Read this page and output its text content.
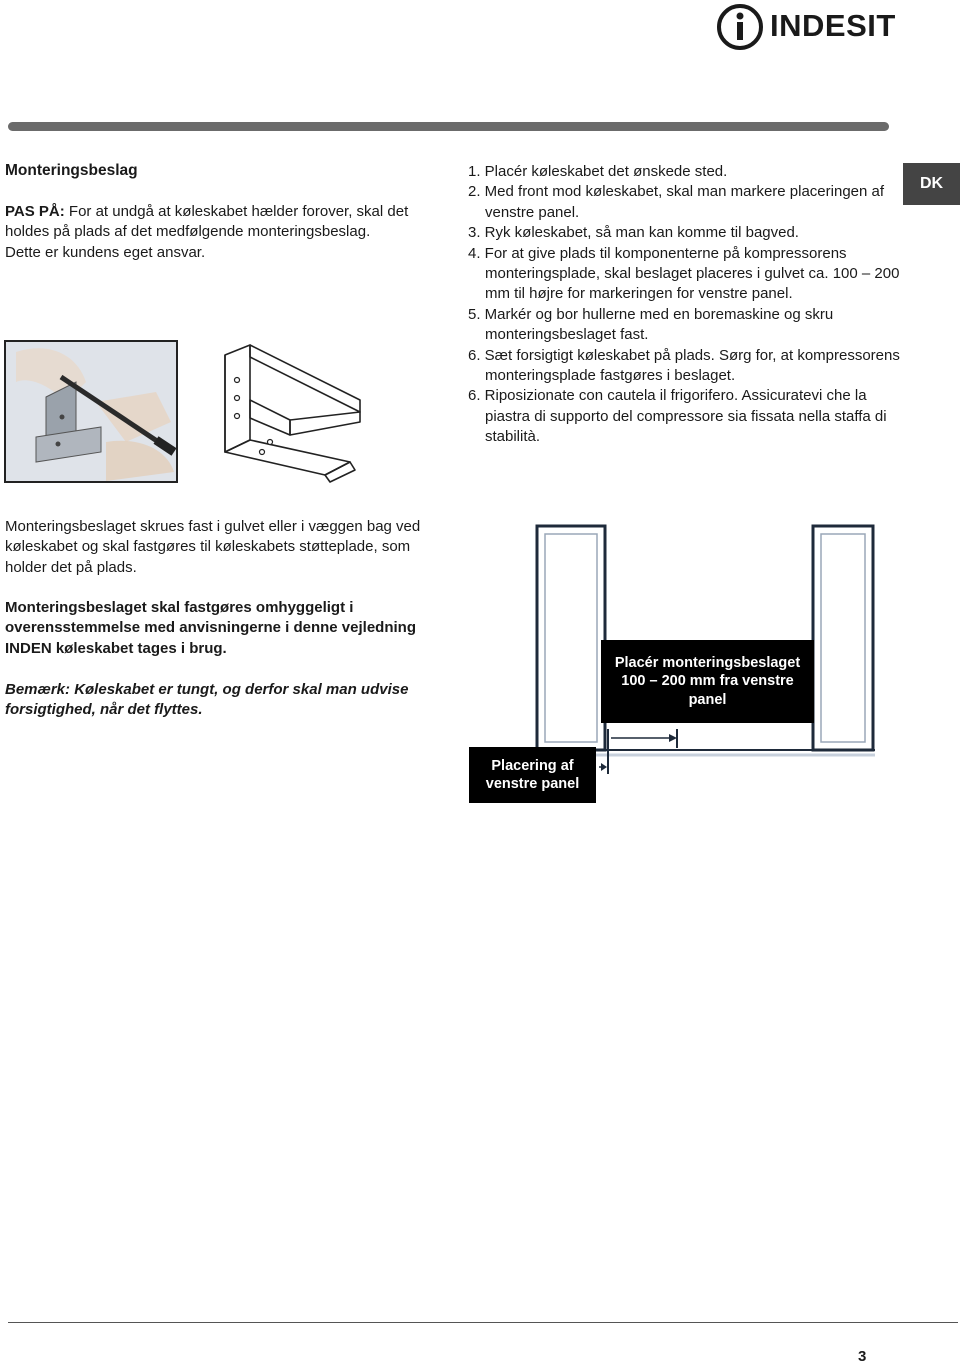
INDESIT
DK
Monteringsbeslag
PAS PÅ: For at undgå at køleskabet hælder forover, skal det holdes på plads af det medfølgende monteringsbeslag.
Dette er kundens eget ansvar.
Monteringsbeslaget skrues fast i gulvet eller i væggen bag ved køleskabet og skal fastgøres til køleskabets støtteplade, som holder det på plads.
Monteringsbeslaget skal fastgøres omhyggeligt i overensstemmelse med anvisningerne i denne vejledning INDEN køleskabet tages i brug.
Bemærk: Køleskabet er tungt, og derfor skal man udvise forsigtighed, når det flyttes.
1. Placér køleskabet det ønskede sted.
2. Med front mod køleskabet, skal man markere placeringen af venstre panel.
3. Ryk køleskabet, så man kan komme til bagved.
4. For at give plads til komponenterne på kompressorens monteringsplade, skal beslaget placeres i gulvet ca. 100 – 200 mm til højre for markeringen for venstre panel.
5. Markér og bor hullerne med en boremaskine og skru monteringsbeslaget fast.
6. Sæt forsigtigt køleskabet på plads. Sørg for, at kompressorens monteringsplade fastgøres i beslaget.
6. Riposizionate con cautela il frigorifero. Assicuratevi che la piastra di supporto del compressore sia fissata nella staffa di stabilità.
Placér monteringsbeslaget 100 – 200 mm fra venstre panel
Placering af venstre panel
3
